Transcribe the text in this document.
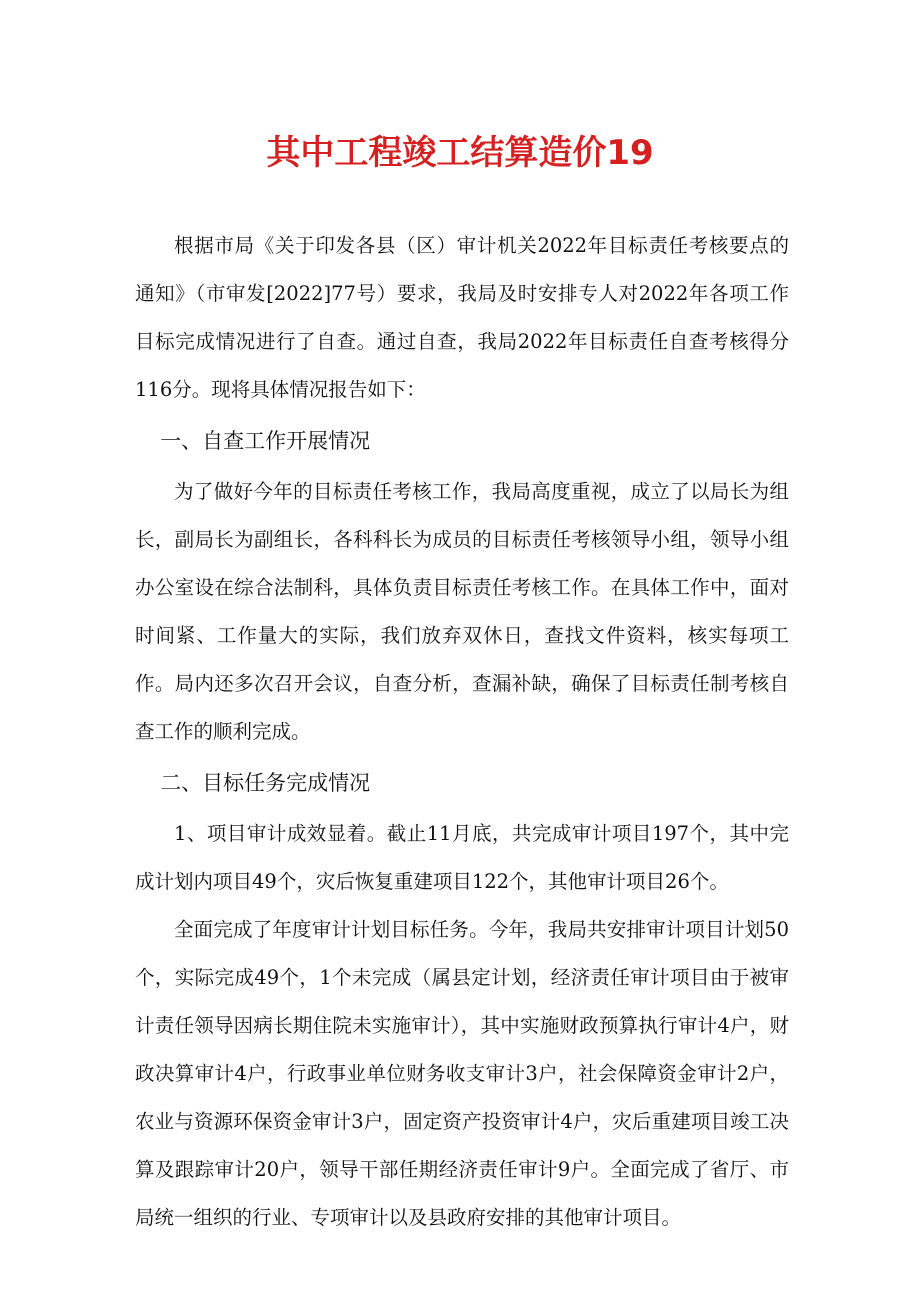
其中工程竣工结算造价19

根据市局《关于印发各县（区）审计机关2022年目标责任考核要点的通知》（市审发[2022]77号）要求，我局及时安排专人对2022年各项工作目标完成情况进行了自查。通过自查，我局2022年目标责任自查考核得分116分。现将具体情况报告如下：

一、自查工作开展情况

为了做好今年的目标责任考核工作，我局高度重视，成立了以局长为组长，副局长为副组长，各科科长为成员的目标责任考核领导小组，领导小组办公室设在综合法制科，具体负责目标责任考核工作。在具体工作中，面对时间紧、工作量大的实际，我们放弃双休日，查找文件资料，核实每项工作。局内还多次召开会议，自查分析，查漏补缺，确保了目标责任制考核自查工作的顺利完成。

二、目标任务完成情况

1、项目审计成效显着。截止11月底，共完成审计项目197个，其中完成计划内项目49个，灾后恢复重建项目122个，其他审计项目26个。

全面完成了年度审计计划目标任务。今年，我局共安排审计项目计划50个，实际完成49个，1个未完成（属县定计划，经济责任审计项目由于被审计责任领导因病长期住院未实施审计），其中实施财政预算执行审计4户，财政决算审计4户，行政事业单位财务收支审计3户，社会保障资金审计2户，农业与资源环保资金审计3户，固定资产投资审计4户，灾后重建项目竣工决算及跟踪审计20户，领导干部任期经济责任审计9户。全面完成了省厅、市局统一组织的行业、专项审计以及县政府安排的其他审计项目。
